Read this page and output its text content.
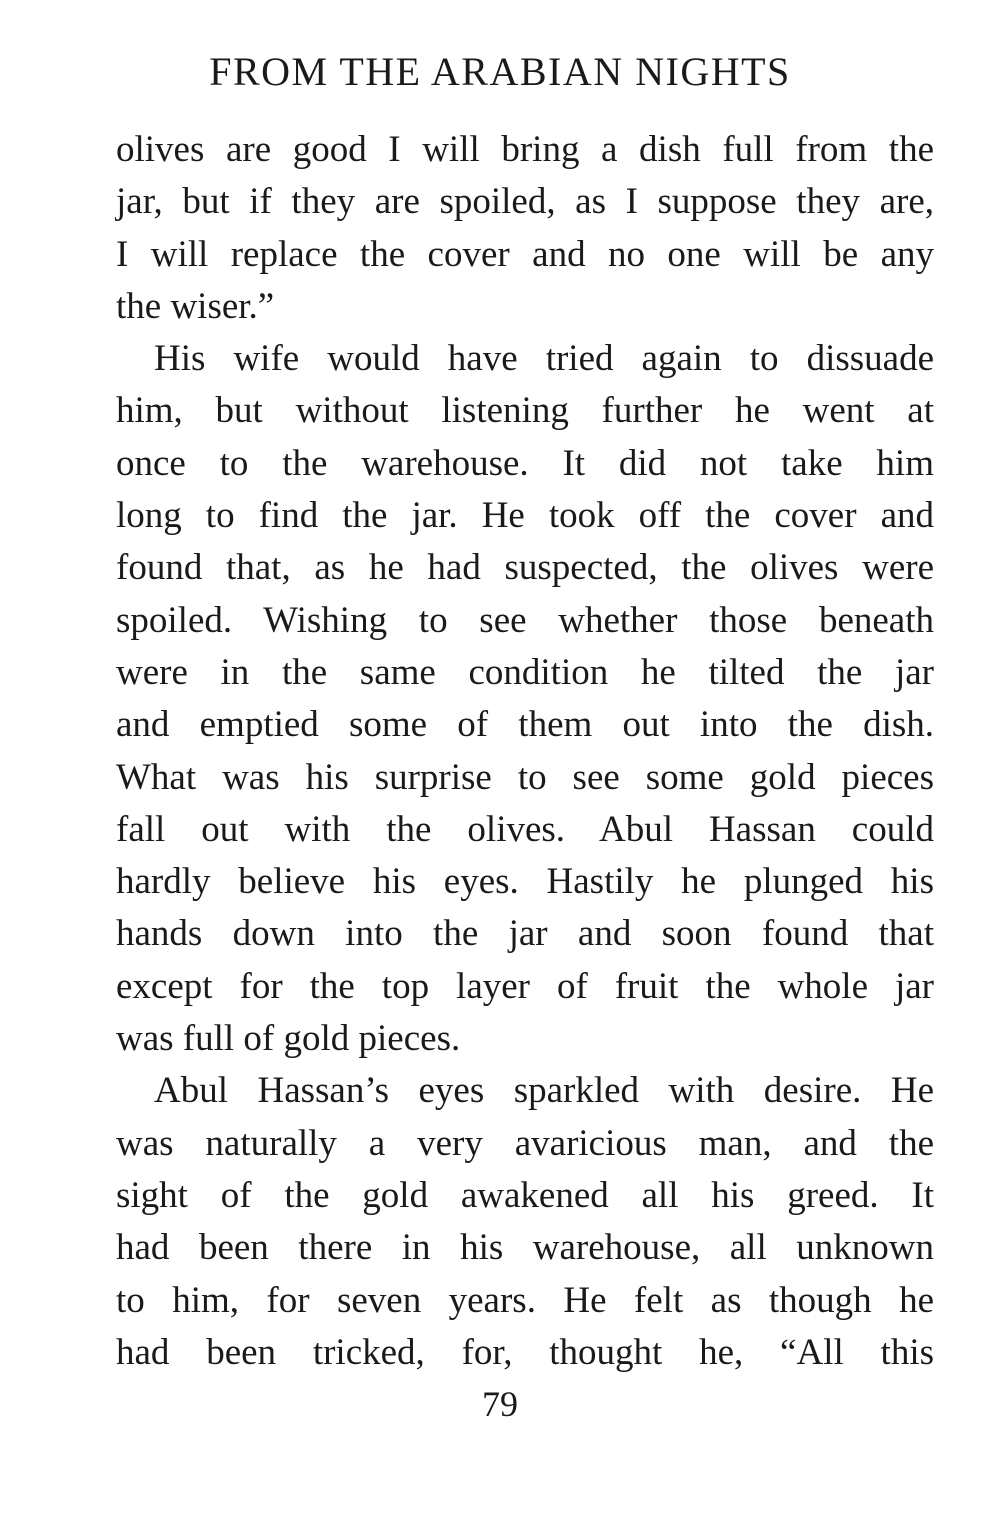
FROM THE ARABIAN NIGHTS
olives are good I will bring a dish full from the
jar, but if they are spoiled, as I suppose they are,
I will replace the cover and no one will be any
the wiser.”
His wife would have tried again to dissuade
him, but without listening further he went at
once to the warehouse. It did not take him
long to find the jar. He took off the cover and
found that, as he had suspected, the olives were
spoiled. Wishing to see whether those beneath
were in the same condition he tilted the jar
and emptied some of them out into the dish.
What was his surprise to see some gold pieces
fall out with the olives. Abul Hassan could
hardly believe his eyes. Hastily he plunged his
hands down into the jar and soon found that
except for the top layer of fruit the whole jar
was full of gold pieces.
Abul Hassan’s eyes sparkled with desire. He
was naturally a very avaricious man, and the
sight of the gold awakened all his greed. It
had been there in his warehouse, all unknown
to him, for seven years. He felt as though he
had been tricked, for, thought he, “All this
79
